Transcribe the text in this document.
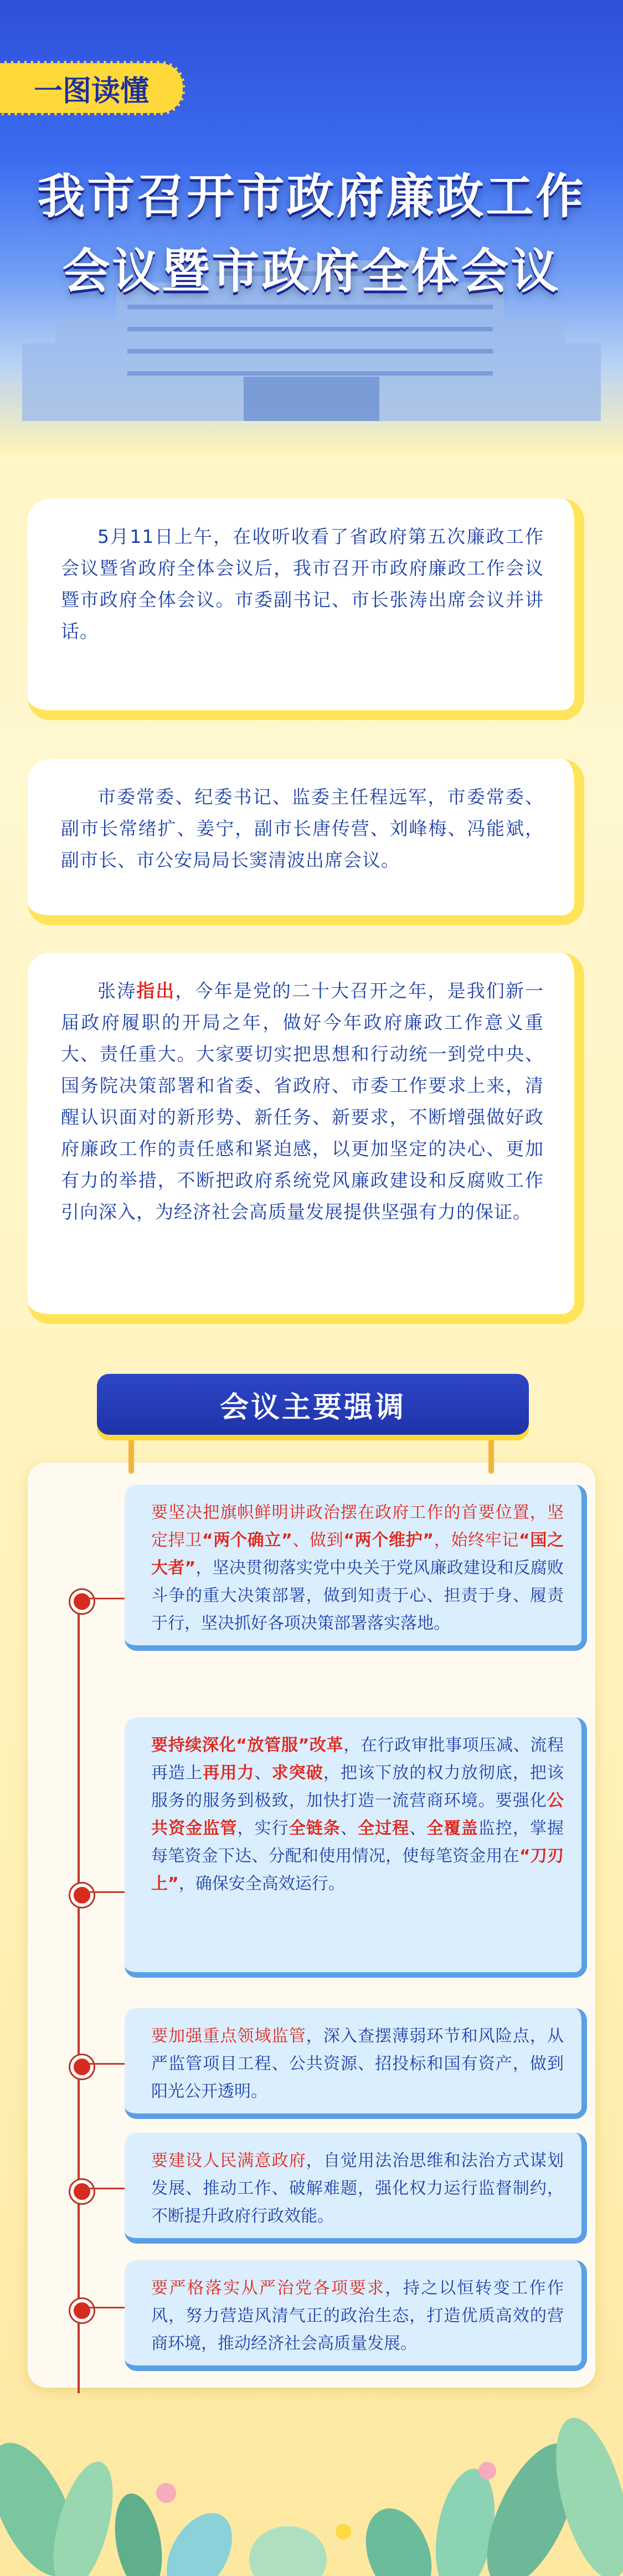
一图读懂
我市召开市政府廉政工作
会议暨市政府全体会议
5月11日上午，在收听收看了省政府第五次廉政工作会议暨省政府全体会议后，我市召开市政府廉政工作会议暨市政府全体会议。市委副书记、市长张涛出席会议并讲话。
市委常委、纪委书记、监委主任程远军，市委常委、副市长常绪扩、姜宁，副市长唐传营、刘峰梅、冯能斌，副市长、市公安局局长窦清波出席会议。
张涛指出，今年是党的二十大召开之年，是我们新一届政府履职的开局之年，做好今年政府廉政工作意义重大、责任重大。大家要切实把思想和行动统一到党中央、国务院决策部署和省委、省政府、市委工作要求上来，清醒认识面对的新形势、新任务、新要求，不断增强做好政府廉政工作的责任感和紧迫感，以更加坚定的决心、更加有力的举措，不断把政府系统党风廉政建设和反腐败工作引向深入，为经济社会高质量发展提供坚强有力的保证。
会议主要强调
要坚决把旗帜鲜明讲政治摆在政府工作的首要位置，坚定捍卫“两个确立”、做到“两个维护”，始终牢记“国之大者”，坚决贯彻落实党中央关于党风廉政建设和反腐败斗争的重大决策部署，做到知责于心、担责于身、履责于行，坚决抓好各项决策部署落实落地。
要持续深化“放管服”改革，在行政审批事项压减、流程再造上再用力、求突破，把该下放的权力放彻底，把该服务的服务到极致，加快打造一流营商环境。要强化公共资金监管，实行全链条、全过程、全覆盖监控，掌握每笔资金下达、分配和使用情况，使每笔资金用在“刀刃上”，确保安全高效运行。
要加强重点领域监管，深入查摆薄弱环节和风险点，从严监管项目工程、公共资源、招投标和国有资产，做到阳光公开透明。
要建设人民满意政府，自觉用法治思维和法治方式谋划发展、推动工作、破解难题，强化权力运行监督制约，不断提升政府行政效能。
要严格落实从严治党各项要求，持之以恒转变工作作风，努力营造风清气正的政治生态，打造优质高效的营商环境，推动经济社会高质量发展。
